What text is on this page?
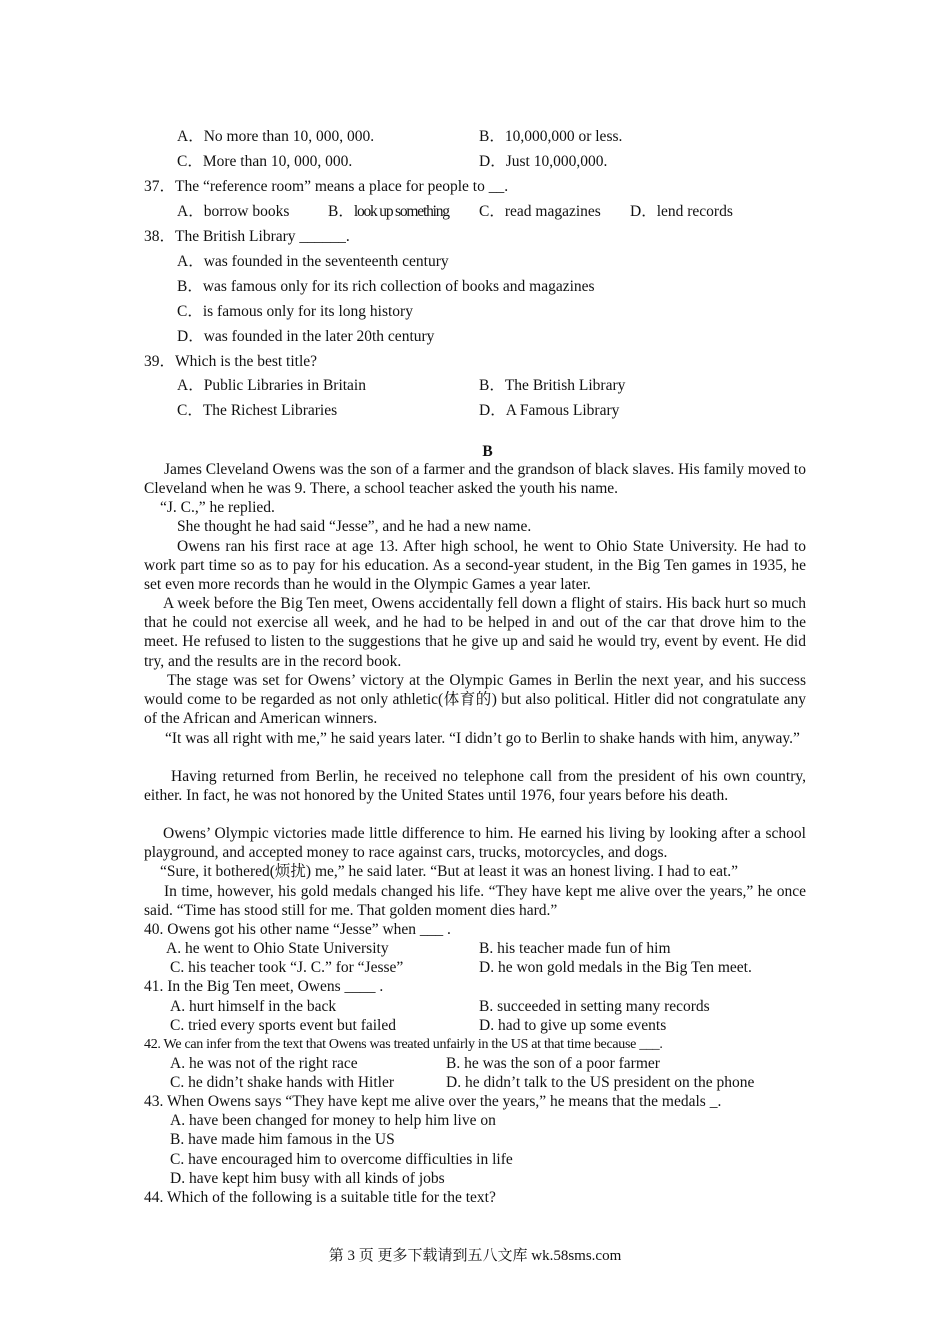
A．No more than 10, 000, 000.	B．10,000,000 or less.
C．More than 10, 000, 000.	D．Just 10,000,000.
37．The “reference room” means a place for people to __.
A．borrow books B．look up something C．read magazines D．lend records
38．The British Library ______.
A．was founded in the seventeenth century
B．was famous only for its rich collection of books and magazines
C．is famous only for its long history
D．was founded in the later 20th century
39．Which is the best title?
A．Public Libraries in Britain	B．The British Library
C．The Richest Libraries	D．A Famous Library
B
James Cleveland Owens was the son of a farmer and the grandson of black slaves. His family moved to Cleveland when he was 9. There, a school teacher asked the youth his name.
“J. C.,” he replied.
She thought he had said “Jesse”, and he had a new name.
Owens ran his first race at age 13. After high school, he went to Ohio State University. He had to work part time so as to pay for his education. As a second-year student, in the Big Ten games in 1935, he set even more records than he would in the Olympic Games a year later.
A week before the Big Ten meet, Owens accidentally fell down a flight of stairs. His back hurt so much that he could not exercise all week, and he had to be helped in and out of the car that drove him to the meet. He refused to listen to the suggestions that he give up and said he would try, event by event. He did try, and the results are in the record book.
The stage was set for Owens’ victory at the Olympic Games in Berlin the next year, and his success would come to be regarded as not only athletic(体育的) but also political. Hitler did not congratulate any of the African and American winners.
“It was all right with me,” he said years later. “I didn’t go to Berlin to shake hands with him, anyway.”
Having returned from Berlin, he received no telephone call from the president of his own country, either. In fact, he was not honored by the United States until 1976, four years before his death.
Owens’ Olympic victories made little difference to him. He earned his living by looking after a school playground, and accepted money to race against cars, trucks, motorcycles, and dogs.
“Sure, it bothered(烦扰) me,” he said later. “But at least it was an honest living. I had to eat.”
In time, however, his gold medals changed his life. “They have kept me alive over the years,” he once said. “Time has stood still for me. That golden moment dies hard.”
40. Owens got his other name “Jesse” when ___ .
A. he went to Ohio State University	B. his teacher made fun of him
C. his teacher took “J. C.” for “Jesse”	D. he won gold medals in the Big Ten meet.
41. In the Big Ten meet, Owens ____ .
A. hurt himself in the back	B. succeeded in setting many records
C. tried every sports event but failed	D. had to give up some events
42. We can infer from the text that Owens was treated unfairly in the US at that time because ___.
A. he was not of the right race	B. he was the son of a poor farmer
C. he didn’t shake hands with Hitler	D. he didn’t talk to the US president on the phone
43. When Owens says “They have kept me alive over the years,” he means that the medals _.
A. have been changed for money to help him live on
B. have made him famous in the US
C. have encouraged him to overcome difficulties in life
D. have kept him busy with all kinds of jobs
44. Which of the following is a suitable title for the text?
第 3 页 更多下载请到五八文库 wk.58sms.com
